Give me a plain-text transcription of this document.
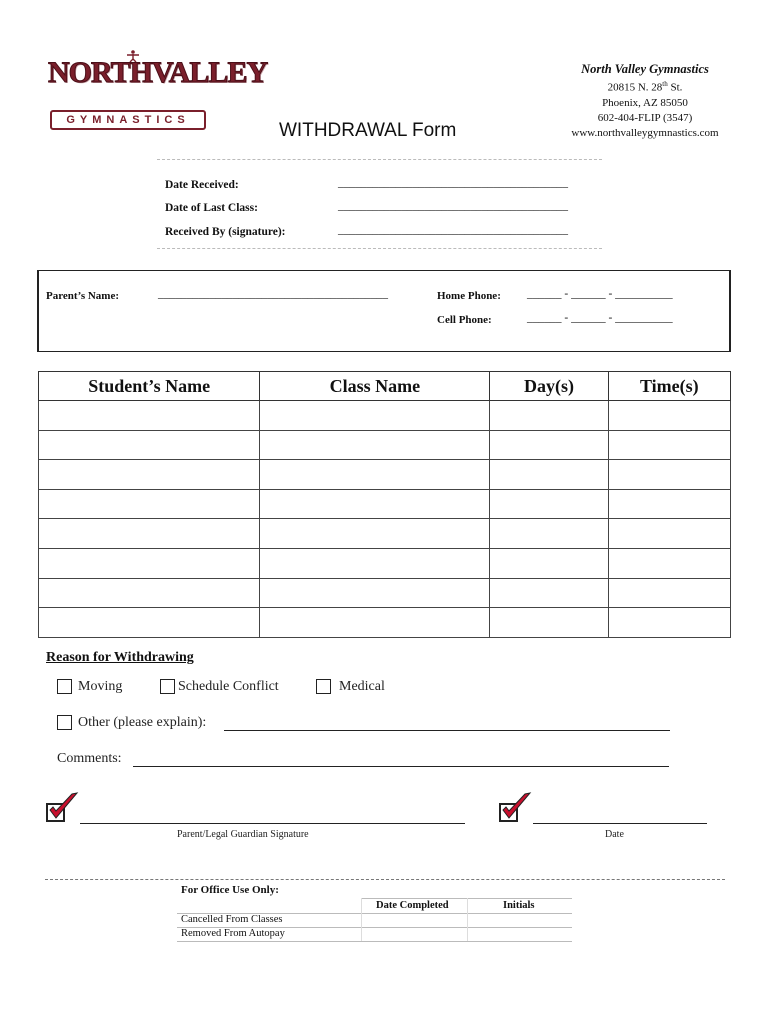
NORTHVALLEY
GYMNASTICS	WITHDRAWAL Form
North Valley Gymnastics
20815 N. 28th St.
Phoenix, AZ 85050
602-404-FLIP (3547)
www.northvalleygymnastics.com
Date Received:	________________________________________
Date of Last Class:	________________________________________
Received By (signature):	________________________________________
Parent’s Name:	________________________________________	Home Phone: ______ - ______ - __________
Cell Phone:	______ - ______ - __________
Student’s Name	Class Name	Day(s)	Time(s)

Reason for Withdrawing
Moving	Schedule Conflict	Medical
Other (please explain):
Comments:
Parent/Legal Guardian Signature	Date
For Office Use Only:
Date Completed	Initials
Cancelled From Classes
Removed From Autopay
